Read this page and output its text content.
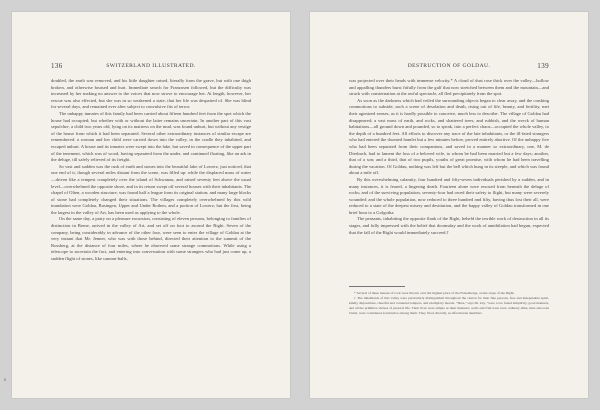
136	SWITZERLAND ILLUSTRATED.

doubled, the earth was removed, and his little daughter raised, literally from the grave, but with one thigh broken, and otherwise bruised and hurt. Immediate search for Franzosen followed, but the difficulty was increased by her making no answer to the voices that now strove to encourage her. At length, however, her rescue was also effected, but she was in so weakened a state, that her life was despaired of. She was blind for several days, and remained ever after subject to convulsive fits of terror.

The unhappy inmates of this family had been carried about fifteen hundred feet from the spot which the house had occupied; but whether with or without the latter remains uncertain. In another part of this vast sepulchre, a child two years old, lying on its mattress on the mud, was found unhurt, but without any vestige of the house from which it had been separated. Several other extraordinary instances of similar escape are remembered: a woman and her child were carried down into the valley, in the cradle they inhabited, and escaped unhurt. A house and its inmates were swept into the lake, but saved in consequence of the upper part of the tenement, which was of wood, having separated from the under, and continued floating, like an ark in the deluge, till safely relieved of its freight.

So vast and sudden was the rush of earth and stones into the beautiful lake of Lowerz, just noticed, that one end of it, though several miles distant from the scene, was filled up: while the displaced mass of water—driven like a tempest completely over the island of Schwanau, and raised seventy feet above the usual level—overwhelmed the opposite shore, and in its return swept off several houses with their inhabitants. The chapel of Olten, a wooden structure, was found half a league from its original station; and many large blocks of stone had completely changed their situations. The villages completely overwhelmed by this wild inundation were Goldau, Busingen, Upper and Under Rothen, and a portion of Lowerz; but the first, being the largest in the valley of Art, has been used as applying to the whole.

On the same day, a party on a pleasure excursion, consisting of eleven persons, belonging to families of distinction in Berne, arrived in the valley of Art, and set off on foot to ascend the Righi. Seven of the company, being considerably in advance of the other four, were seen to enter the village of Goldau at the very instant that Mr. Jenner, who was with those behind, directed their attention to the summit of the Rossberg, at the distance of four miles, where he observed some strange commotions. While using a telescope to ascertain the fact, and entering into conversation with some strangers who had just come up, a sudden flight of stones, like cannon-balls,

DESTRUCTION OF GOLDAU.	139

was projected over their heads with immense velocity.* A cloud of dust rose thick over the valley—hollow and appalling thunders burst fitfully from the gulf that now stretched between them and the mountain—and struck with consternation at the awful spectacle, all fled precipitately from the spot.

As soon as the darkness which had veiled the surrounding objects began to clear away, and the crashing commotions to subside, such a scene of desolation and death, rising out of life, beauty, and fertility, met their agonized senses, as it is hardly possible to conceive, much less to describe. The village of Goldau had disappeared; a vast mass of earth, and rocks, and shattered trees, and rubbish, and the wreck of human habitations—all ground down and pounded, so to speak, into a perfect chaos—occupied the whole valley, to the depth of a hundred feet. All efforts to discover any trace of the late inhabitants, or the ill-fated strangers who had entered the doomed hamlet but a few minutes before, proved entirely abortive. Of the unhappy five who had been separated from their companions, and saved in a manner so extraordinary, one, M. de Diesbach, had to lament the loss of a beloved wife, to whom he had been married but a few days; another, that of a son; and a third, that of two pupils, youths of great promise, with whom he had been travelling during the vacation. Of Goldau, nothing was left but the bell which hung in its steeple, and which was found about a mile off.

By this overwhelming calamity, four hundred and fifty-seven individuals perished by a sudden, and in many instances, it is feared, a lingering death. Fourteen alone were rescued from beneath the deluge of rocks; and of the surviving population, seventy-four had owed their safety to flight, but many were severely wounded; and the whole population, now reduced to three hundred and fifty, having thus lost their all, were reduced to a state of the deepest misery and destitution, and the happy valley of Goldau transformed in one brief hour to a Golgotha.

The peasants, inhabiting the opposite flank of the Righi, beheld the terrible work of destruction in all its stages, and fully impressed with the belief that doomsday and the work of annihilation had begun, expected that the fall of the Righi would immediately succeed.†

* Several of these masses of rock were thrown over the highest place of the Felsenberge, on the slope of the Righi.

† The inhabitants of this valley were particularly distinguished throughout the canton for their fine persons, free and independent spirit, kindly dispositions, cheerful and contented tempers, and exemplary morals. "Here," says Dr. Zay, "were to be found simplicity, good manners, and all the primitive virtues of pastoral life. Their lives were simple as their manners; wells and fruit trees were ordinary alike, men and even brutal, were considered as intrusive among them. They lived, literally, as affectionate members

8
